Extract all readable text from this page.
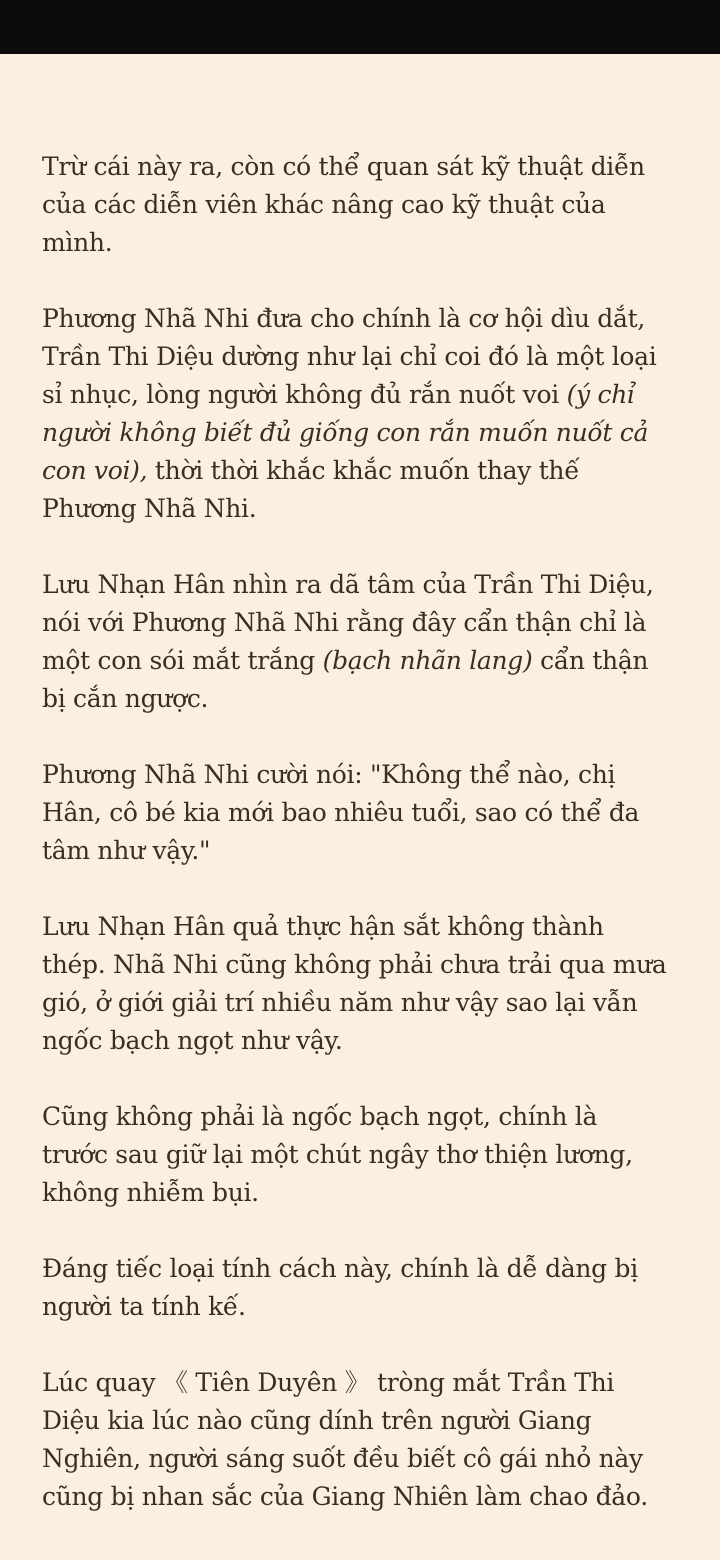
Trừ cái này ra, còn có thể quan sát kỹ thuật diễn của các diễn viên khác nâng cao kỹ thuật của mình.

Phương Nhã Nhi đưa cho chính là cơ hội dìu dắt, Trần Thi Diệu dường như lại chỉ coi đó là một loại sỉ nhục, lòng người không đủ rắn nuốt voi (ý chỉ người không biết đủ giống con rắn muốn nuốt cả con voi), thời thời khắc khắc muốn thay thế Phương Nhã Nhi.

Lưu Nhạn Hân nhìn ra dã tâm của Trần Thi Diệu, nói với Phương Nhã Nhi rằng đây cẩn thận chỉ là một con sói mắt trắng (bạch nhãn lang) cẩn thận bị cắn ngược.

Phương Nhã Nhi cười nói: "Không thể nào, chị Hân, cô bé kia mới bao nhiêu tuổi, sao có thể đa tâm như vậy."

Lưu Nhạn Hân quả thực hận sắt không thành thép. Nhã Nhi cũng không phải chưa trải qua mưa gió, ở giới giải trí nhiều năm như vậy sao lại vẫn ngốc bạch ngọt như vậy.

Cũng không phải là ngốc bạch ngọt, chính là trước sau giữ lại một chút ngây thơ thiện lương, không nhiễm bụi.

Đáng tiếc loại tính cách này, chính là dễ dàng bị người ta tính kế.

Lúc quay 《 Tiên Duyên 》 tròng mắt Trần Thi Diệu kia lúc nào cũng dính trên người Giang Nghiên, người sáng suốt đều biết cô gái nhỏ này cũng bị nhan sắc của Giang Nhiên làm chao đảo.
